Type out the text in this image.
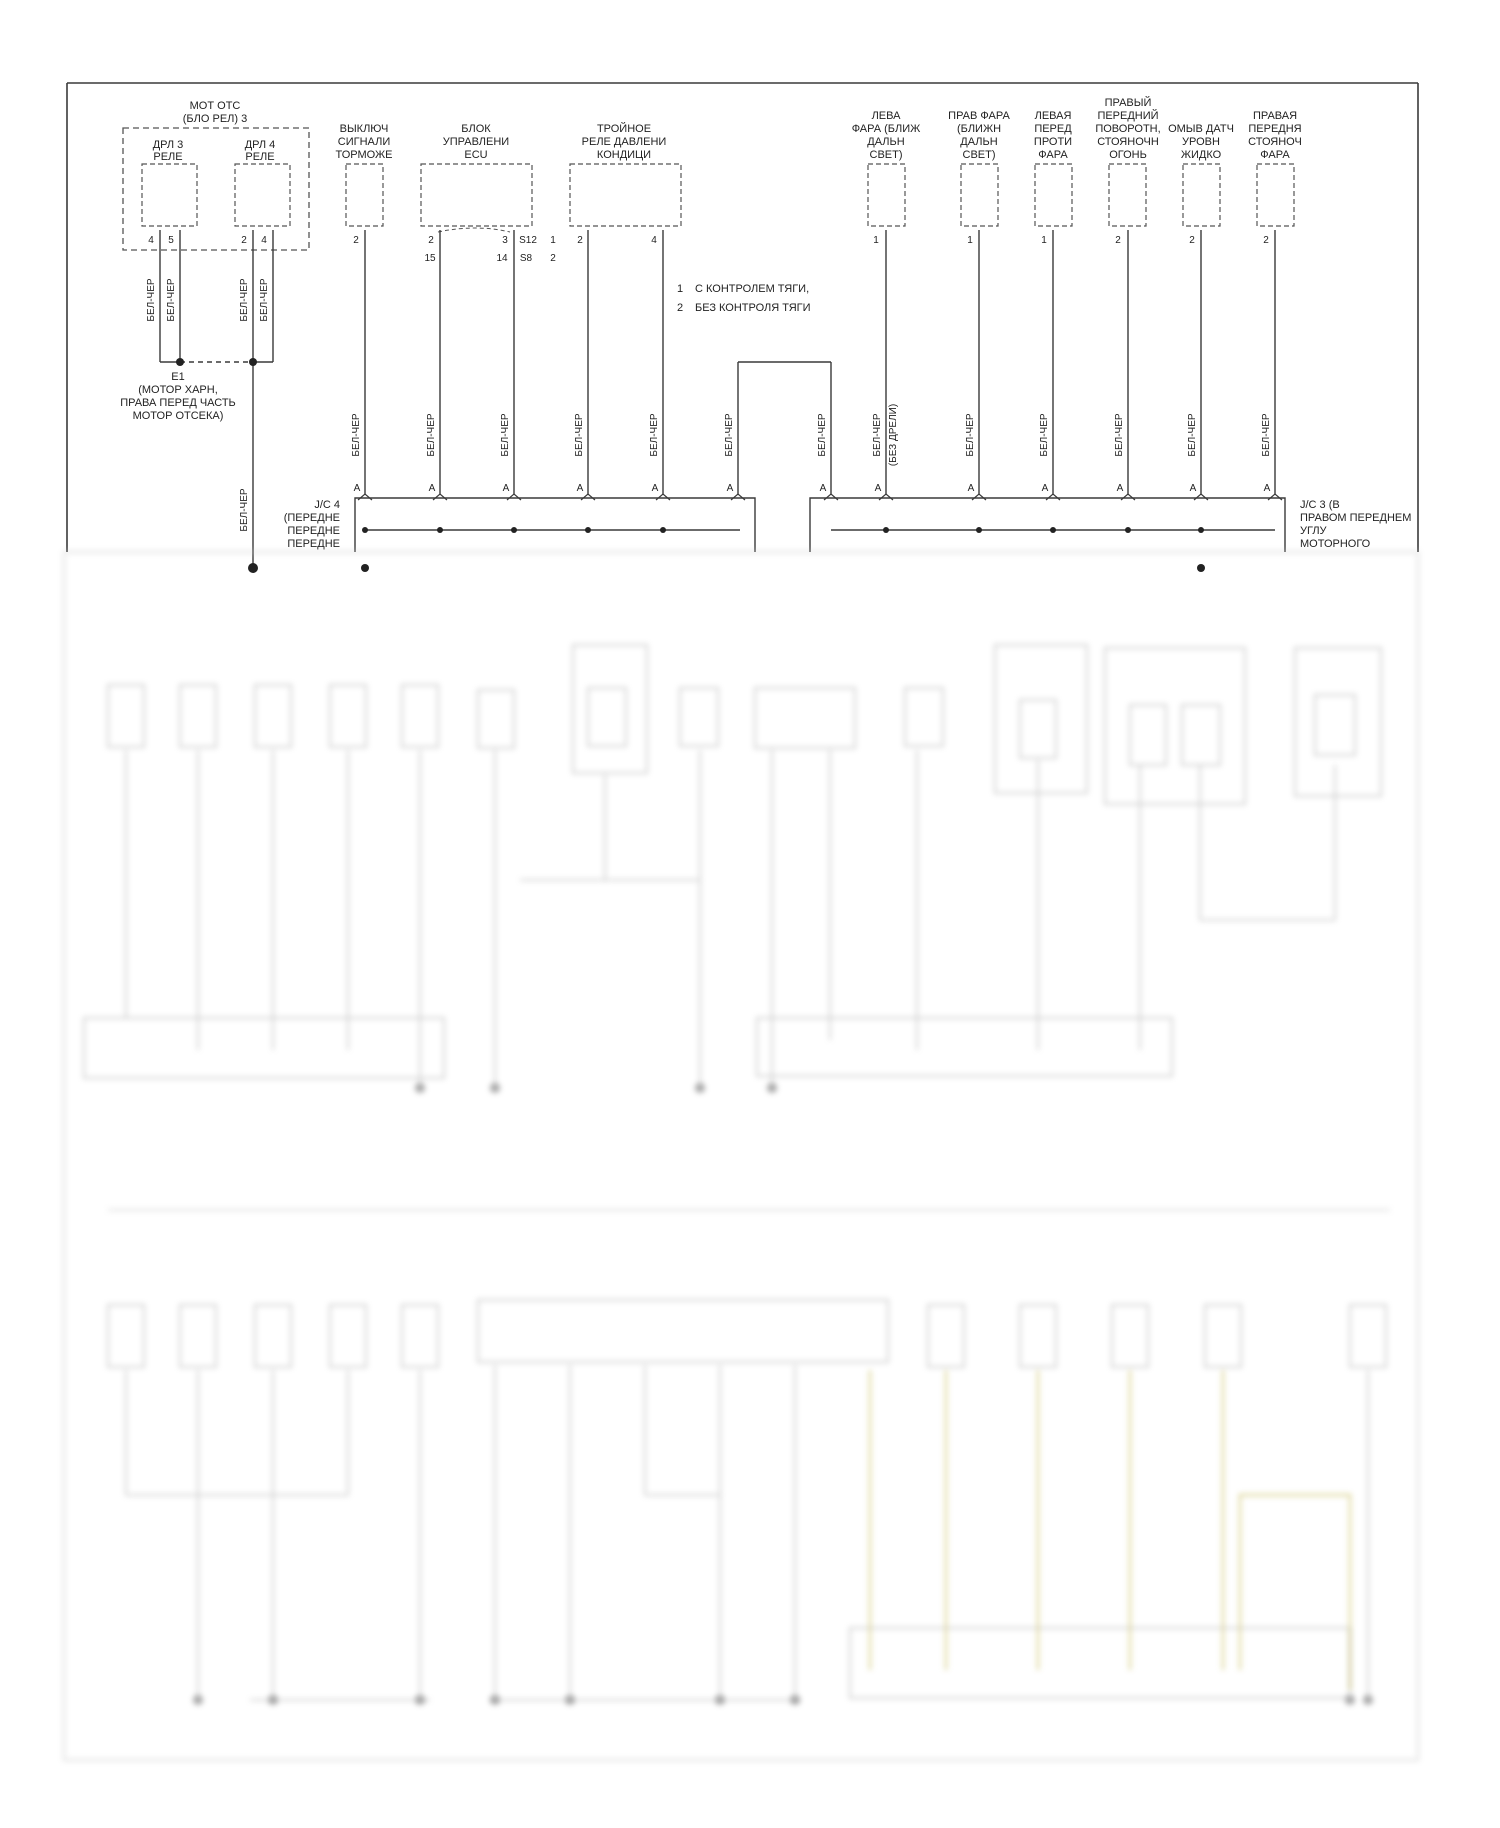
МОТ ОТС
(БЛО РЕЛ) 3
ДРЛ 3
РЕЛЕ
ДРЛ 4
РЕЛЕ
4 5	2 4
ВЫКЛЮЧ
СИГНАЛИ
ТОРМОЖЕ
2
БЛОК
УПРАВЛЕНИ
ECU
2	3 S12
15	14 S8
1
2
ТРОЙНОЕ
РЕЛЕ ДАВЛЕНИ
КОНДИЦИ
2	4
1 С КОНТРОЛЕМ ТЯГИ,
2 БЕЗ КОНТРОЛЯ ТЯГИ
ЛЕВА
ФАРА (БЛИЖ
ДАЛЬН
СВЕТ)
1
ПРАВ ФАРА
(БЛИЖН
ДАЛЬН
СВЕТ)
1
ЛЕВАЯ
ПЕРЕД
ПРОТИ
ФАРА
1
ПРАВЫЙ
ПЕРЕДНИЙ
ПОВОРОТН,
СТОЯНОЧН
ОГОНЬ
2
ОМЫВ ДАТЧ
УРОВН
ЖИДКО
2
ПРАВАЯ
ПЕРЕДНЯ
СТОЯНОЧ
ФАРА
2
БЕЛ-ЧЕР БЕЛ-ЧЕР	БЕЛ-ЧЕР БЕЛ-ЧЕР
БЕЛ-ЧЕР
БЕЛ-ЧЕР	БЕЛ-ЧЕР	БЕЛ-ЧЕР	БЕЛ-ЧЕР	БЕЛ-ЧЕР	БЕЛ-ЧЕР	БЕЛ-ЧЕР	БЕЛ-ЧЕР (БЕЗ ДРЕЛИ)	БЕЛ-ЧЕР	БЕЛ-ЧЕР	БЕЛ-ЧЕР	БЕЛ-ЧЕР	БЕЛ-ЧЕР
A	A	A	A	A	A	A	A	A	A	A	A	A
E1
(МОТОР ХАРН,
ПРАВА ПЕРЕД ЧАСТЬ
МОТОР ОТСЕКА)
J/C 4
(ПЕРЕДНЕ
ПЕРЕДНЕ
ПЕРЕДНЕ
J/C 3 (В
ПРАВОМ ПЕРЕДНЕМ
УГЛУ
МОТОРНОГО
